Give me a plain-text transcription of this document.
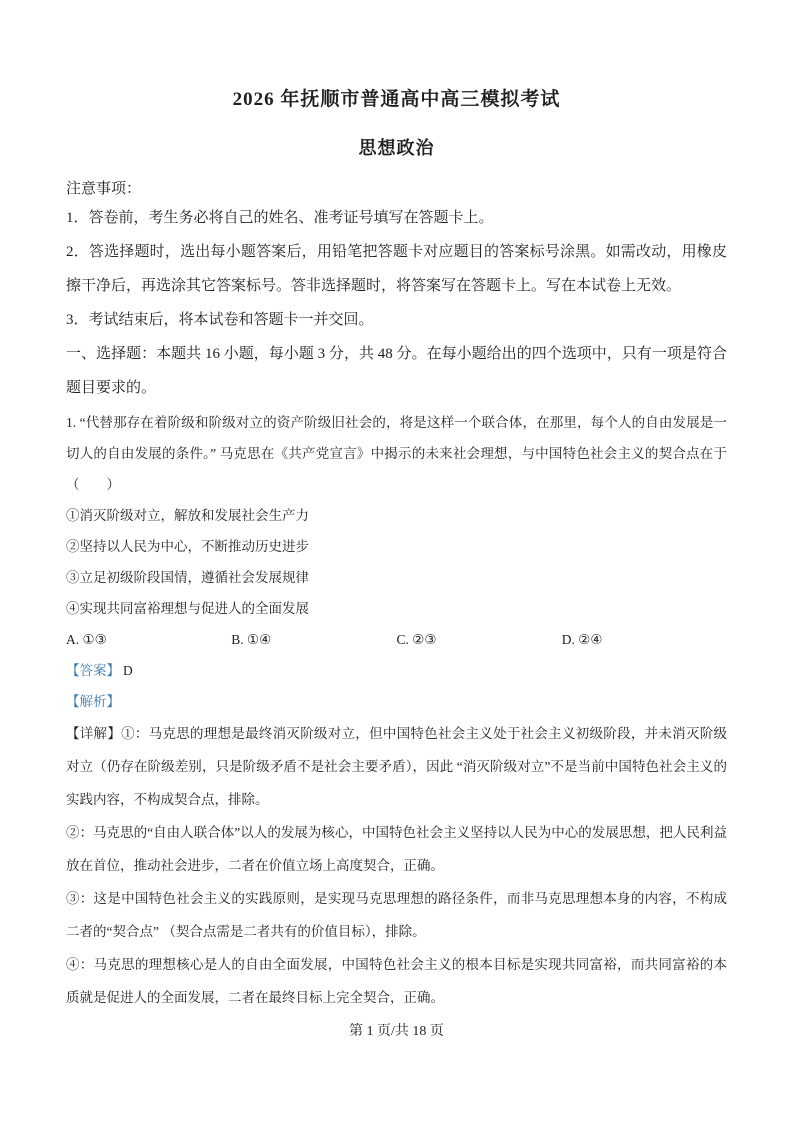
2026 年抚顺市普通高中高三模拟考试
思想政治

注意事项：

1．答卷前，考生务必将自己的姓名、准考证号填写在答题卡上。

2．答选择题时，选出每小题答案后，用铅笔把答题卡对应题目的答案标号涂黑。如需改动，用橡皮擦干净后，再选涂其它答案标号。答非选择题时，将答案写在答题卡上。写在本试卷上无效。

3．考试结束后，将本试卷和答题卡一并交回。

一、选择题：本题共 16 小题，每小题 3 分，共 48 分。在每小题给出的四个选项中，只有一项是符合题目要求的。

1. “代替那存在着阶级和阶级对立的资产阶级旧社会的，将是这样一个联合体，在那里，每个人的自由发展是一切人的自由发展的条件。” 马克思在《共产党宣言》中揭示的未来社会理想，与中国特色社会主义的契合点在于（　　）

①消灭阶级对立，解放和发展社会生产力

②坚持以人民为中心，不断推动历史进步

③立足初级阶段国情，遵循社会发展规律

④实现共同富裕理想与促进人的全面发展

A. ①③	B. ①④	C. ②③	D. ②④

【答案】 D

【解析】

【详解】①：马克思的理想是最终消灭阶级对立，但中国特色社会主义处于社会主义初级阶段，并未消灭阶级对立（仍存在阶级差别，只是阶级矛盾不是社会主要矛盾），因此 “消灭阶级对立”不是当前中国特色社会主义的实践内容，不构成契合点，排除。

②：马克思的“自由人联合体”以人的发展为核心，中国特色社会主义坚持以人民为中心的发展思想，把人民利益放在首位，推动社会进步，二者在价值立场上高度契合，正确。

③：这是中国特色社会主义的实践原则，是实现马克思理想的路径条件，而非马克思理想本身的内容，不构成二者的“契合点” （契合点需是二者共有的价值目标），排除。

④：马克思的理想核心是人的自由全面发展，中国特色社会主义的根本目标是实现共同富裕，而共同富裕的本质就是促进人的全面发展，二者在最终目标上完全契合，正确。

第 1 页/共 18 页
